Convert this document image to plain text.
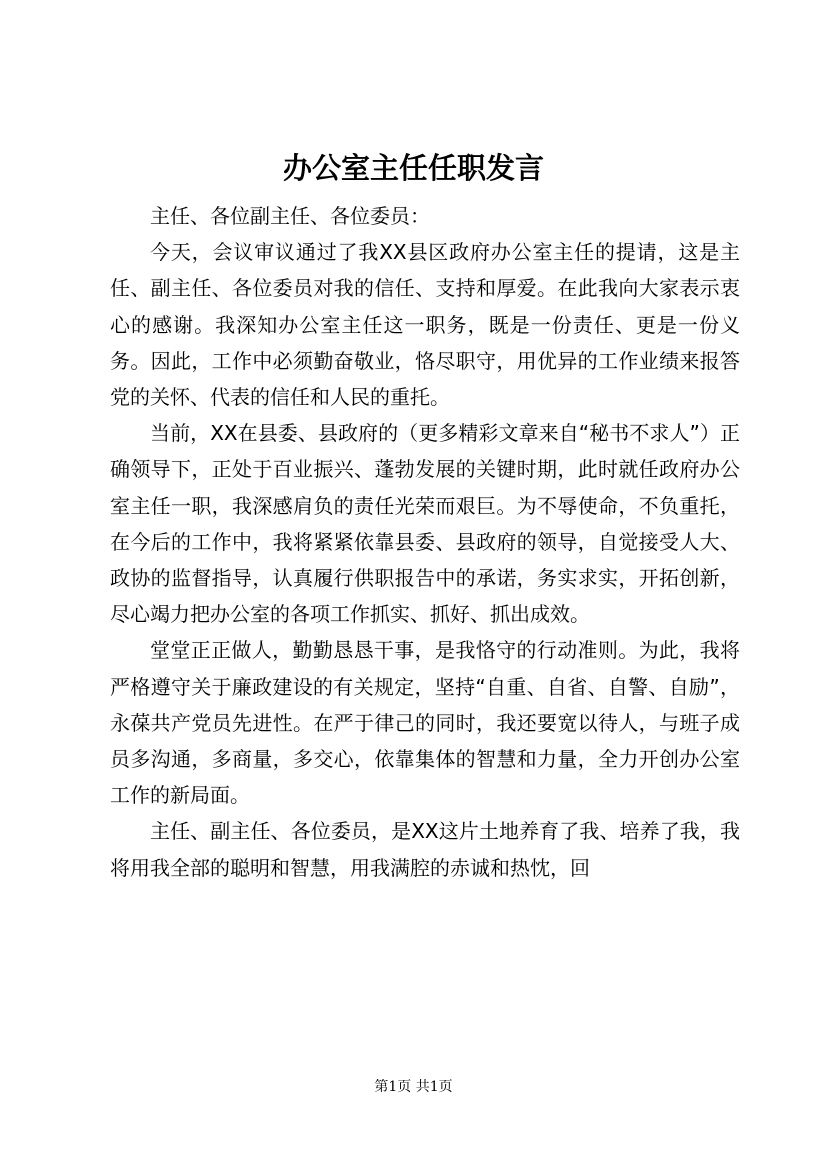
办公室主任任职发言

主任、各位副主任、各位委员：

今天，会议审议通过了我XX县区政府办公室主任的提请，这是主任、副主任、各位委员对我的信任、支持和厚爱。在此我向大家表示衷心的感谢。我深知办公室主任这一职务，既是一份责任、更是一份义务。因此，工作中必须勤奋敬业，恪尽职守，用优异的工作业绩来报答党的关怀、代表的信任和人民的重托。

当前，XX在县委、县政府的（更多精彩文章来自“秘书不求人”）正确领导下，正处于百业振兴、蓬勃发展的关键时期，此时就任政府办公室主任一职，我深感肩负的责任光荣而艰巨。为不辱使命，不负重托，在今后的工作中，我将紧紧依靠县委、县政府的领导，自觉接受人大、政协的监督指导，认真履行供职报告中的承诺，务实求实，开拓创新，尽心竭力把办公室的各项工作抓实、抓好、抓出成效。

堂堂正正做人，勤勤恳恳干事，是我恪守的行动准则。为此，我将严格遵守关于廉政建设的有关规定，坚持“自重、自省、自警、自励”，永葆共产党员先进性。在严于律己的同时，我还要宽以待人，与班子成员多沟通，多商量，多交心，依靠集体的智慧和力量，全力开创办公室工作的新局面。

主任、副主任、各位委员，是XX这片土地养育了我、培养了我，我将用我全部的聪明和智慧，用我满腔的赤诚和热忱，回

第1页 共1页
